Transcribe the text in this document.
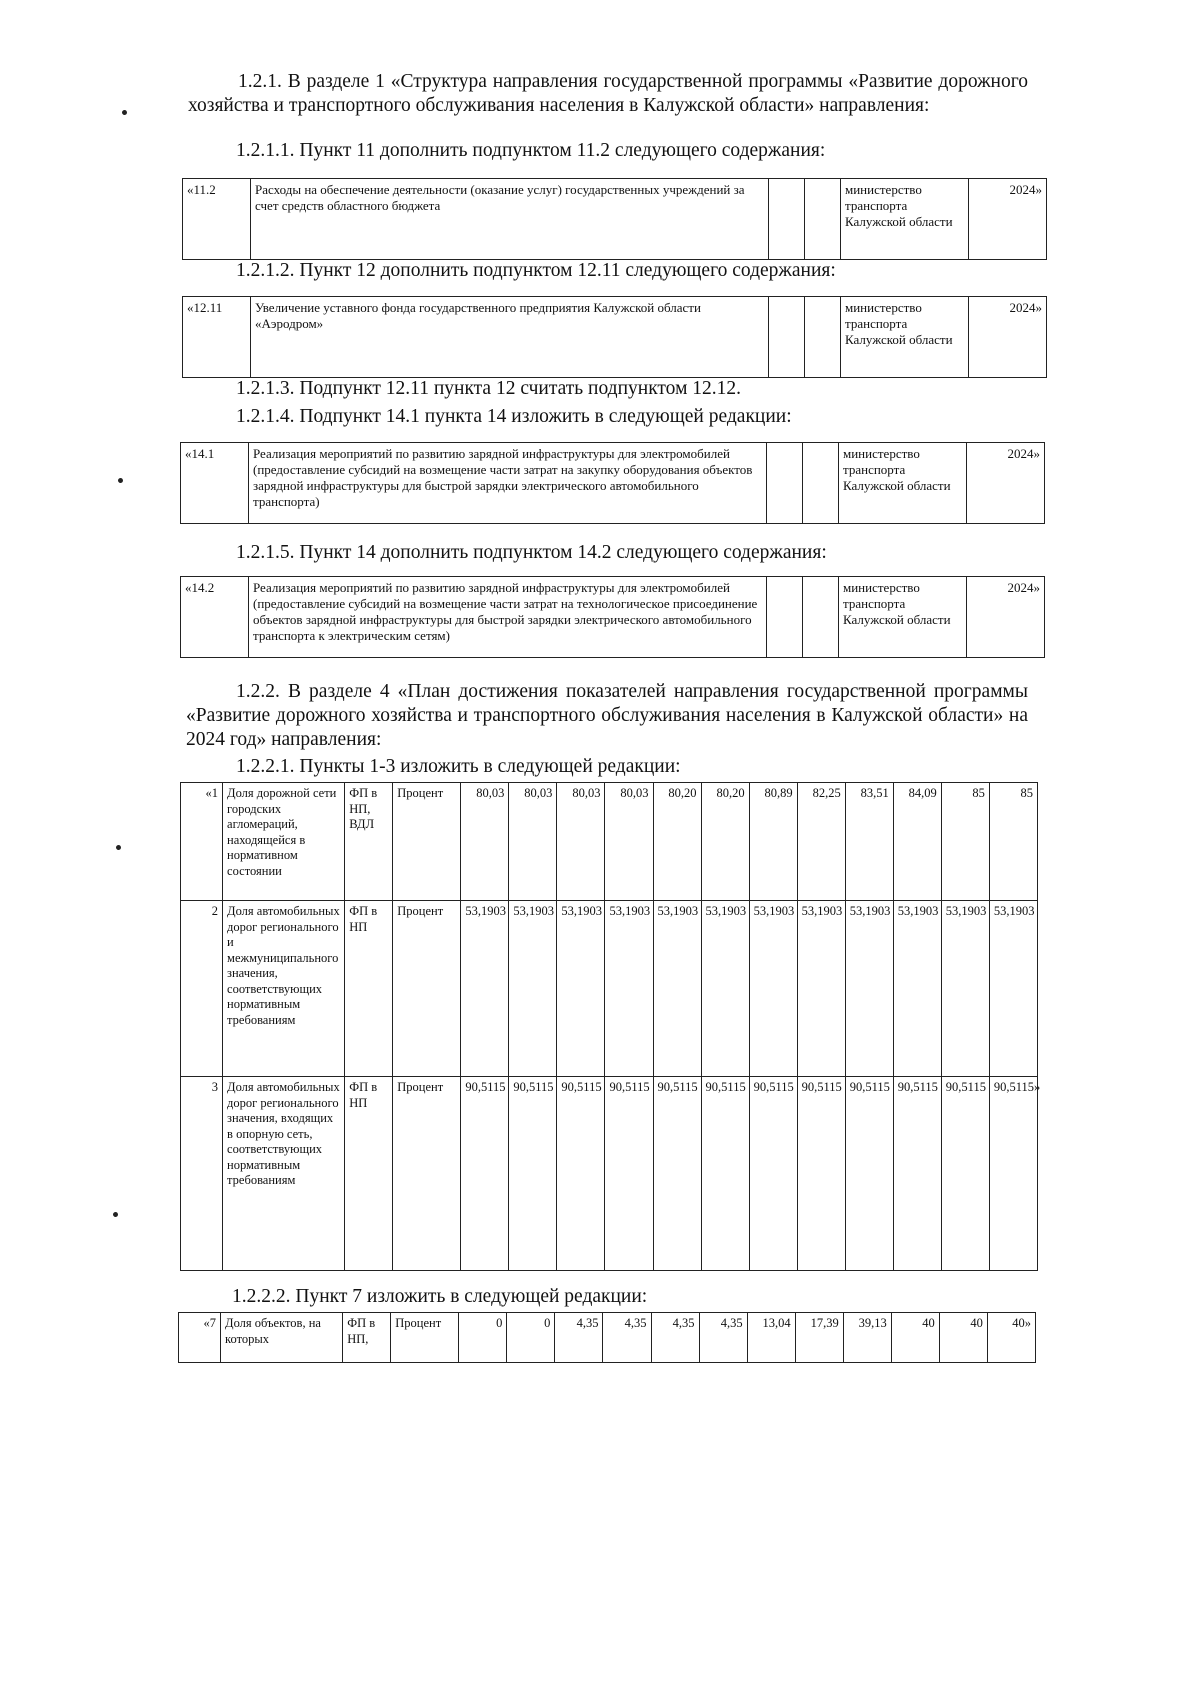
1.2.1. В разделе 1 «Структура направления государственной программы «Развитие дорожного хозяйства и транспортного обслуживания населения в Калужской области» направления:
1.2.1.1. Пункт 11 дополнить подпунктом 11.2 следующего содержания:
«11.2	Расходы на обеспечение деятельности (оказание услуг) государственных учреждений за счет средств областного бюджета			министерство транспорта Калужской области	2024»
1.2.1.2. Пункт 12 дополнить подпунктом 12.11 следующего содержания:
«12.11	Увеличение уставного фонда государственного предприятия Калужской области «Аэродром»			министерство транспорта Калужской области	2024»
1.2.1.3. Подпункт 12.11 пункта 12 считать подпунктом 12.12.
1.2.1.4. Подпункт 14.1 пункта 14 изложить в следующей редакции:
«14.1	Реализация мероприятий по развитию зарядной инфраструктуры для электромобилей (предоставление субсидий на возмещение части затрат на закупку оборудования объектов зарядной инфраструктуры для быстрой зарядки электрического автомобильного транспорта)			министерство транспорта Калужской области	2024»
1.2.1.5. Пункт 14 дополнить подпунктом 14.2 следующего содержания:
«14.2	Реализация мероприятий по развитию зарядной инфраструктуры для электромобилей (предоставление субсидий на возмещение части затрат на технологическое присоединение объектов зарядной инфраструктуры для быстрой зарядки электрического автомобильного транспорта к электрическим сетям)			министерство транспорта Калужской области	2024»
1.2.2. В разделе 4 «План достижения показателей направления государственной программы «Развитие дорожного хозяйства и транспортного обслуживания населения в Калужской области» на 2024 год» направления:
1.2.2.1. Пункты 1-3 изложить в следующей редакции:
«1	Доля дорожной сети городских агломераций, находящейся в нормативном состоянии	ФП в НП, ВДЛ	Процент	80,03	80,03	80,03	80,03	80,20	80,20	80,89	82,25	83,51	84,09	85	85
2	Доля автомобильных дорог регионального и межмуниципального значения, соответствующих нормативным требованиям	ФП в НП	Процент	53,1903	53,1903	53,1903	53,1903	53,1903	53,1903	53,1903	53,1903	53,1903	53,1903	53,1903	53,1903
3	Доля автомобильных дорог регионального значения, входящих в опорную сеть, соответствующих нормативным требованиям	ФП в НП	Процент	90,5115	90,5115	90,5115	90,5115	90,5115	90,5115	90,5115	90,5115	90,5115	90,5115	90,5115	90,5115»
1.2.2.2. Пункт 7 изложить в следующей редакции:
«7	Доля объектов, на которых	ФП в НП,	Процент	0	0	4,35	4,35	4,35	4,35	13,04	17,39	39,13	40	40	40»
